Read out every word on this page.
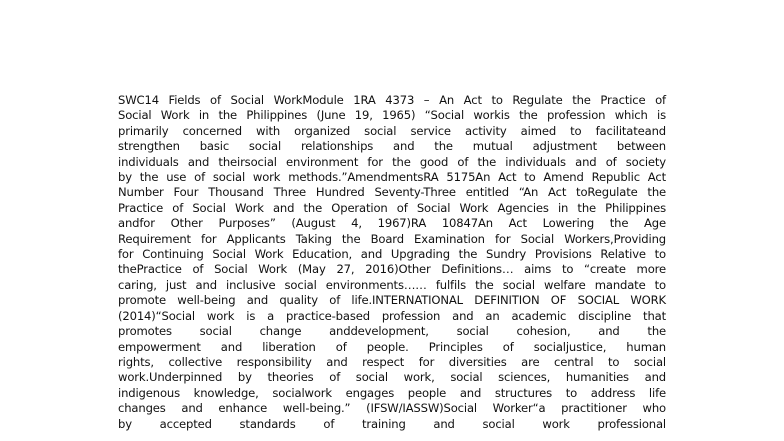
SWC14 Fields of Social WorkModule 1RA 4373 – An Act to Regulate the Practice of
Social Work in the Philippines (June 19, 1965) “Social workis the profession which is
primarily concerned with organized social service activity aimed to facilitateand
strengthen basic social relationships and the mutual adjustment between
individuals and theirsocial environment for the good of the individuals and of society
by the use of social work methods.”AmendmentsRA 5175An Act to Amend Republic Act
Number Four Thousand Three Hundred Seventy-Three entitled “An Act toRegulate the
Practice of Social Work and the Operation of Social Work Agencies in the Philippines
andfor Other Purposes” (August 4, 1967)RA 10847An Act Lowering the Age
Requirement for Applicants Taking the Board Examination for Social Workers,Providing
for Continuing Social Work Education, and Upgrading the Sundry Provisions Relative to
thePractice of Social Work (May 27, 2016)Other Definitions… aims to “create more
caring, just and inclusive social environments…… fulfils the social welfare mandate to
promote well-being and quality of life.INTERNATIONAL DEFINITION OF SOCIAL WORK
(2014)“Social work is a practice-based profession and an academic discipline that
promotes social change anddevelopment, social cohesion, and the
empowerment and liberation of people. Principles of socialjustice, human
rights, collective responsibility and respect for diversities are central to social
work.Underpinned by theories of social work, social sciences, humanities and
indigenous knowledge, socialwork engages people and structures to address life
changes and enhance well-being.” (IFSW/IASSW)Social Worker“a practitioner who
by accepted standards of training and social work professional
